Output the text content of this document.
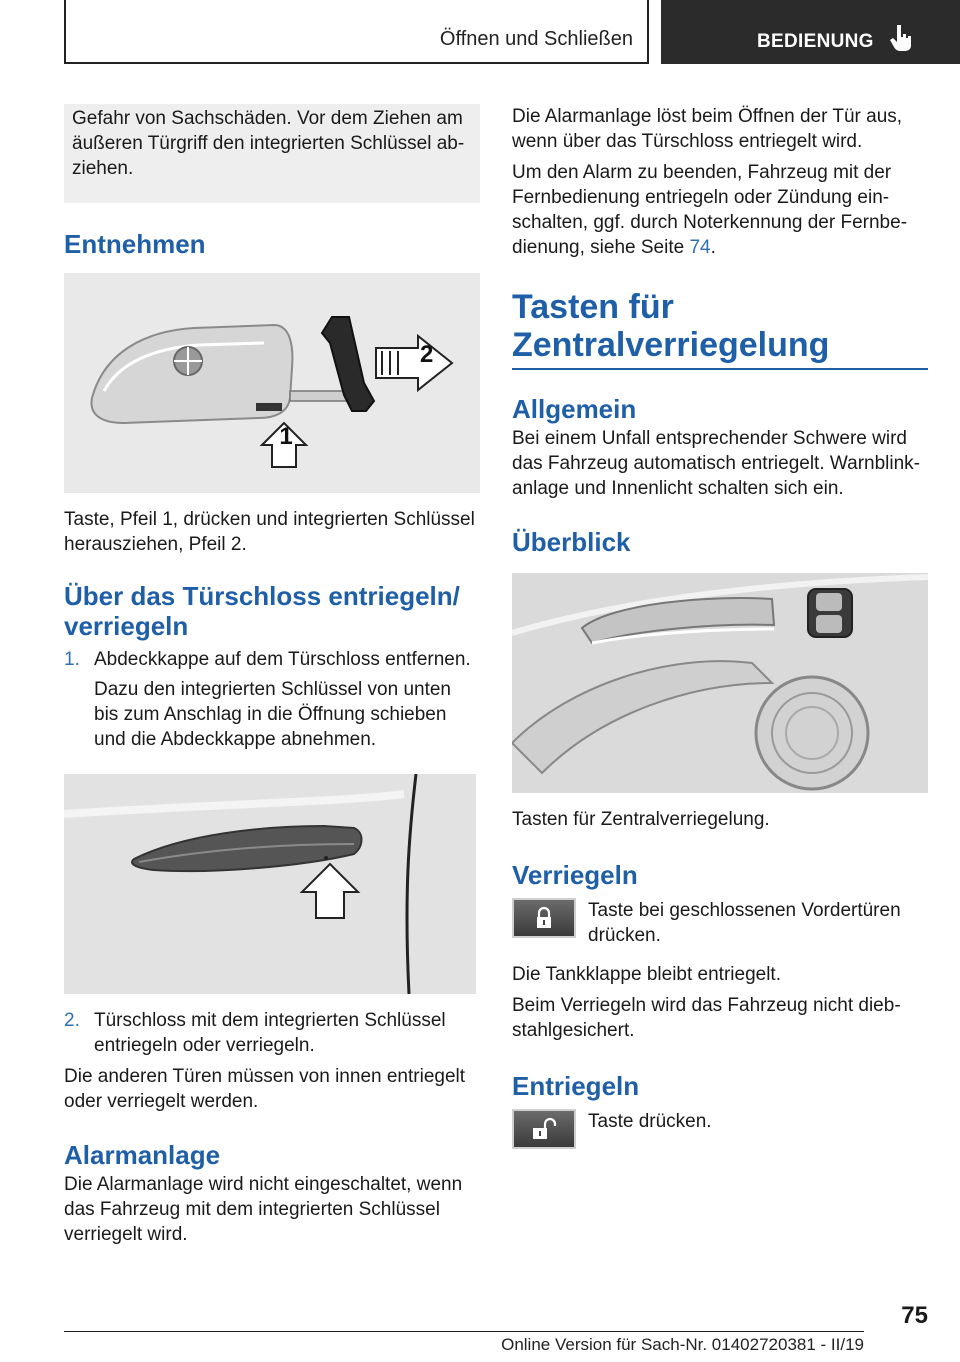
Öffnen und Schließen	BEDIENUNG

Gefahr von Sachschäden. Vor dem Ziehen am äußeren Türgriff den integrierten Schlüssel abziehen.

Entnehmen
1
2

Taste, Pfeil 1, drücken und integrierten Schlüssel herausziehen, Pfeil 2.

Über das Türschloss entriegeln/ verriegeln
1. Abdeckkappe auf dem Türschloss entfernen.

Dazu den integrierten Schlüssel von unten bis zum Anschlag in die Öffnung schieben und die Abdeckkappe abnehmen.

2. Türschloss mit dem integrierten Schlüssel entriegeln oder verriegeln.

Die anderen Türen müssen von innen entriegelt oder verriegelt werden.

Alarmanlage

Die Alarmanlage wird nicht eingeschaltet, wenn das Fahrzeug mit dem integrierten Schlüssel verriegelt wird.

Die Alarmanlage löst beim Öffnen der Tür aus, wenn über das Türschloss entriegelt wird.

Um den Alarm zu beenden, Fahrzeug mit der Fernbedienung entriegeln oder Zündung einschalten, ggf. durch Noterkennung der Fernbedienung, siehe Seite 74.

Tasten für
Zentralverriegelung
Allgemein

Bei einem Unfall entsprechender Schwere wird das Fahrzeug automatisch entriegelt. Warnblinkanlage und Innenlicht schalten sich ein.

Überblick

Tasten für Zentralverriegelung.

Verriegeln

Taste bei geschlossenen Vordertüren drücken.

Die Tankklappe bleibt entriegelt.

Beim Verriegeln wird das Fahrzeug nicht diebstahlgesichert.

Entriegeln

Taste drücken.

75
Online Version für Sach-Nr. 01402720381 - II/19
